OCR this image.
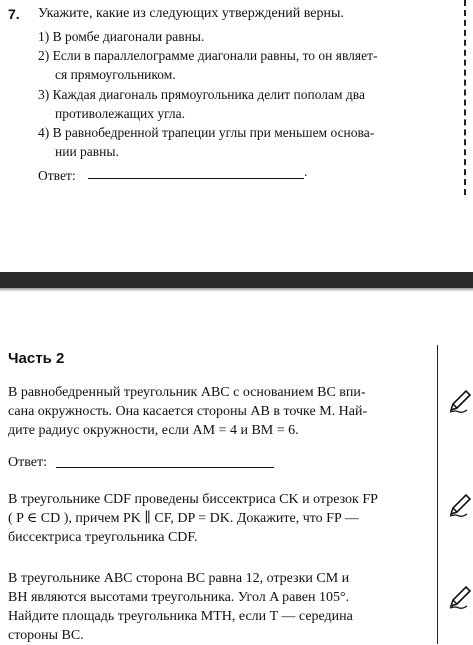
7. Укажите, какие из следующих утверждений верны.
1) В ромбе диагонали равны.
2) Если в параллелограмме диагонали равны, то он являет-
ся прямоугольником.
3) Каждая диагональ прямоугольника делит пополам два
противолежащих угла.
4) В равнобедренной трапеции углы при меньшем основа-
нии равны.
Ответ:	.
Часть 2
В равнобедренный треугольник ABC с основанием BC впи-
сана окружность. Она касается стороны AB в точке M. Най-
дите радиус окружности, если AM = 4 и BM = 6.
Ответ:
В треугольнике CDF проведены биссектриса CK и отрезок FP
( P ∈ CD ), причем PK ∥ CF, DP = DK. Докажите, что FP —
биссектриса треугольника CDF.
В треугольнике ABC сторона BC равна 12, отрезки CM и
BH являются высотами треугольника. Угол A равен 105°.
Найдите площадь треугольника MTH, если T — середина
стороны BC.
